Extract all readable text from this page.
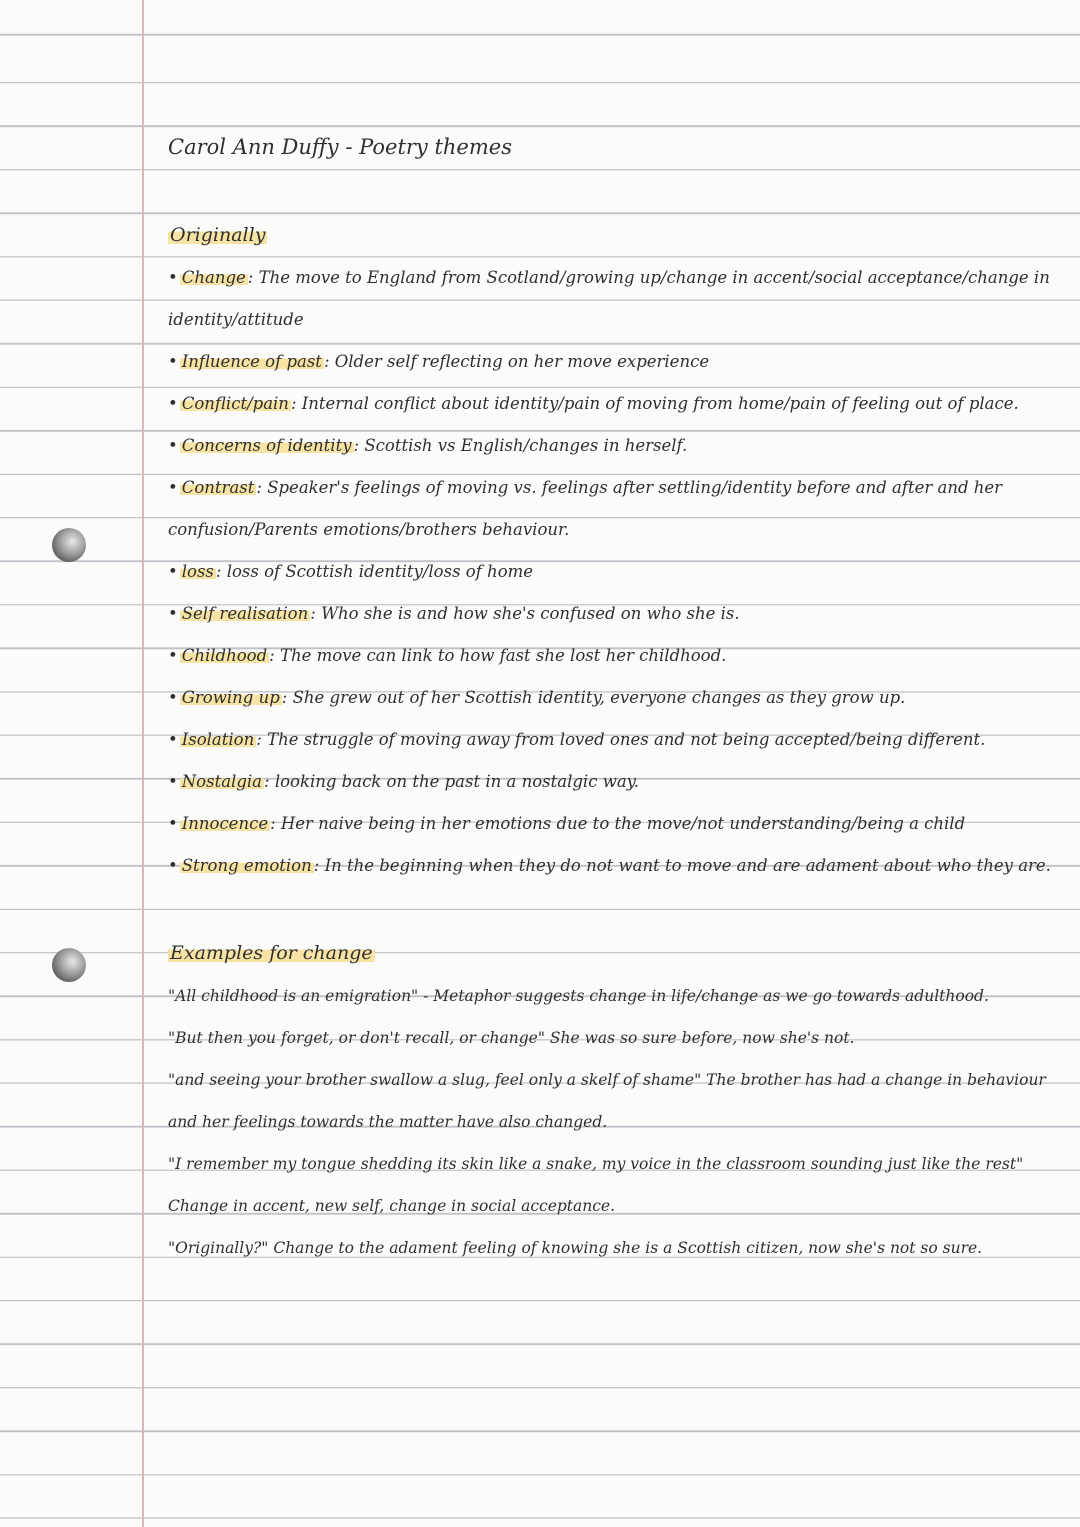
Carol Ann Duffy - Poetry themes
Originally

• Change : The move to England from Scotland/growing up/change in accent/social acceptance/change in identity/attitude

• Influence of past : Older self reflecting on her move experience

• Conflict/pain : Internal conflict about identity/pain of moving from home/pain of feeling out of place.

• Concerns of identity : Scottish vs English/changes in herself.

• Contrast : Speaker's feelings of moving vs. feelings after settling/identity before and after and her confusion/Parents emotions/brothers behaviour.

• loss : loss of Scottish identity/loss of home

• Self realisation : Who she is and how she's confused on who she is.

• Childhood : The move can link to how fast she lost her childhood.

• Growing up : She grew out of her Scottish identity, everyone changes as they grow up.

• Isolation : The struggle of moving away from loved ones and not being accepted/being different.

• Nostalgia : looking back on the past in a nostalgic way.

• Innocence : Her naive being in her emotions due to the move/not understanding/being a child

• Strong emotion : In the beginning when they do not want to move and are adament about who they are.

Examples for change

"All childhood is an emigration" - Metaphor suggests change in life/change as we go towards adulthood.

"But then you forget, or don't recall, or change" She was so sure before, now she's not.

"and seeing your brother swallow a slug, feel only a skelf of shame" The brother has had a change in behaviour and her feelings towards the matter have also changed.

"I remember my tongue shedding its skin like a snake, my voice in the classroom sounding just like the rest" Change in accent, new self, change in social acceptance.

"Originally?" Change to the adament feeling of knowing she is a Scottish citizen, now she's not so sure.
